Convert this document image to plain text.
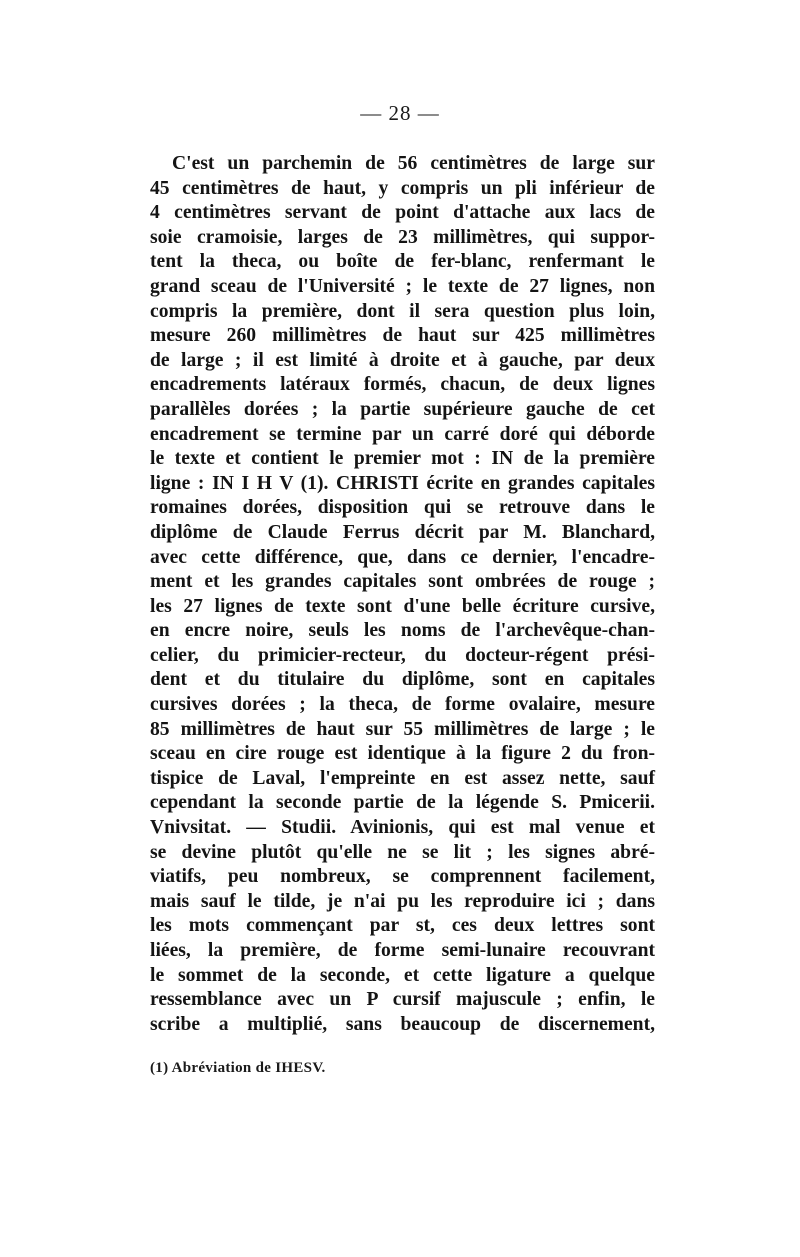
— 28 —
C'est un parchemin de 56 centimètres de large sur
45 centimètres de haut, y compris un pli inférieur de
4 centimètres servant de point d'attache aux lacs de
soie cramoisie, larges de 23 millimètres, qui suppor-
tent la theca, ou boîte de fer-blanc, renfermant le
grand sceau de l'Université ; le texte de 27 lignes, non
compris la première, dont il sera question plus loin,
mesure 260 millimètres de haut sur 425 millimètres
de large ; il est limité à droite et à gauche, par deux
encadrements latéraux formés, chacun, de deux lignes
parallèles dorées ; la partie supérieure gauche de cet
encadrement se termine par un carré doré qui déborde
le texte et contient le premier mot : IN de la première
ligne : IN I H V (1). CHRISTI écrite en grandes capitales
romaines dorées, disposition qui se retrouve dans le
diplôme de Claude Ferrus décrit par M. Blanchard,
avec cette différence, que, dans ce dernier, l'encadre-
ment et les grandes capitales sont ombrées de rouge ;
les 27 lignes de texte sont d'une belle écriture cursive,
en encre noire, seuls les noms de l'archevêque-chan-
celier, du primicier-recteur, du docteur-régent prési-
dent et du titulaire du diplôme, sont en capitales
cursives dorées ; la theca, de forme ovalaire, mesure
85 millimètres de haut sur 55 millimètres de large ; le
sceau en cire rouge est identique à la figure 2 du fron-
tispice de Laval, l'empreinte en est assez nette, sauf
cependant la seconde partie de la légende S. Pmicerii.
Vnivsitat. — Studii. Avinionis, qui est mal venue et
se devine plutôt qu'elle ne se lit ; les signes abré-
viatifs, peu nombreux, se comprennent facilement,
mais sauf le tilde, je n'ai pu les reproduire ici ; dans
les mots commençant par st, ces deux lettres sont
liées, la première, de forme semi-lunaire recouvrant
le sommet de la seconde, et cette ligature a quelque
ressemblance avec un P cursif majuscule ; enfin, le
scribe a multiplié, sans beaucoup de discernement,
(1) Abréviation de IHESV.
